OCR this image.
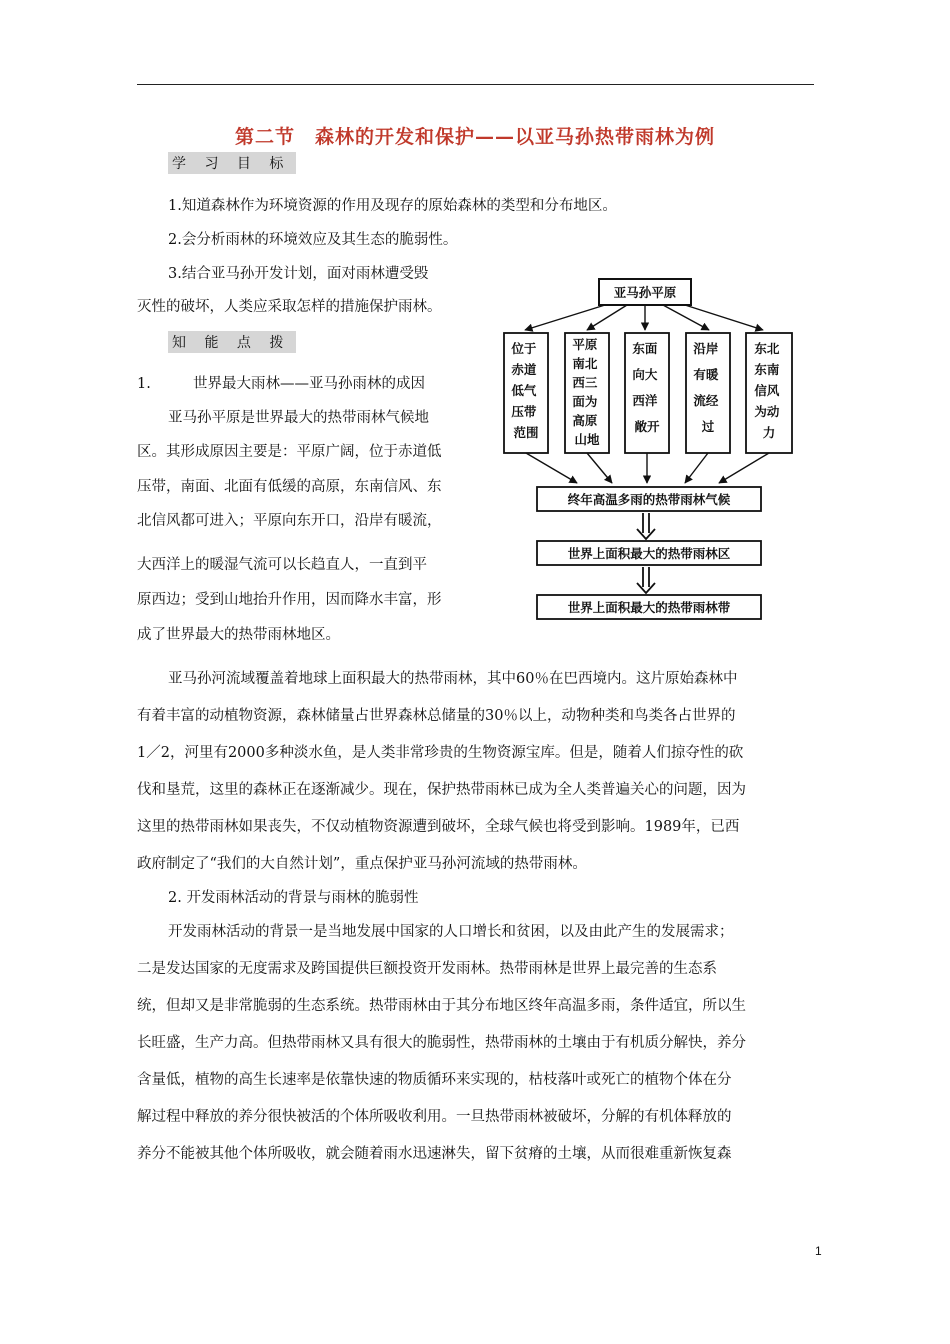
第二节　森林的开发和保护——以亚马孙热带雨林为例
学 习 目 标
1.知道森林作为环境资源的作用及现存的原始森林的类型和分布地区。
2.会分析雨林的环境效应及其生态的脆弱性。
3.结合亚马孙开发计划，面对雨林遭受毁
灭性的破坏，人类应采取怎样的措施保护雨林。
知 能 点 拨
1.	世界最大雨林——亚马孙雨林的成因
亚马孙平原是世界最大的热带雨林气候地
区。其形成原因主要是：平原广阔，位于赤道低
压带，南面、北面有低缓的高原，东南信风、东
北信风都可进入；平原向东开口，沿岸有暖流，
大西洋上的暖湿气流可以长趋直人，一直到平
原西边；受到山地抬升作用，因而降水丰富，形
成了世界最大的热带雨林地区。
亚马孙平原
位于 赤道 低气 压带 范围
平原 南北 西三 面为 高原 山地
东面 向大 西洋 敞开
沿岸 有暖 流经 过
东北 东南 信风 为动 力
终年高温多雨的热带雨林气候
世界上面积最大的热带雨林区
世界上面积最大的热带雨林带
亚马孙河流域覆盖着地球上面积最大的热带雨林，其中60％在巴西境内。这片原始森林中
有着丰富的动植物资源，森林储量占世界森林总储量的30％以上，动物种类和鸟类各占世界的
1／2，河里有2000多种淡水鱼，是人类非常珍贵的生物资源宝库。但是，随着人们掠夺性的砍
伐和垦荒，这里的森林正在逐渐减少。现在，保护热带雨林已成为全人类普遍关心的问题，因为
这里的热带雨林如果丧失，不仅动植物资源遭到破坏，全球气候也将受到影响。1989年，已西
政府制定了“我们的大自然计划”，重点保护亚马孙河流域的热带雨林。
2. 开发雨林活动的背景与雨林的脆弱性
开发雨林活动的背景一是当地发展中国家的人口增长和贫困，以及由此产生的发展需求；
二是发达国家的无度需求及跨国提供巨额投资开发雨林。热带雨林是世界上最完善的生态系
统，但却又是非常脆弱的生态系统。热带雨林由于其分布地区终年高温多雨，条件适宜，所以生
长旺盛，生产力高。但热带雨林又具有很大的脆弱性，热带雨林的土壤由于有机质分解快，养分
含量低，植物的高生长速率是依靠快速的物质循环来实现的，枯枝落叶或死亡的植物个体在分
解过程中释放的养分很快被活的个体所吸收利用。一旦热带雨林被破坏，分解的有机体释放的
养分不能被其他个体所吸收，就会随着雨水迅速淋失，留下贫瘠的土壤，从而很难重新恢复森
1
